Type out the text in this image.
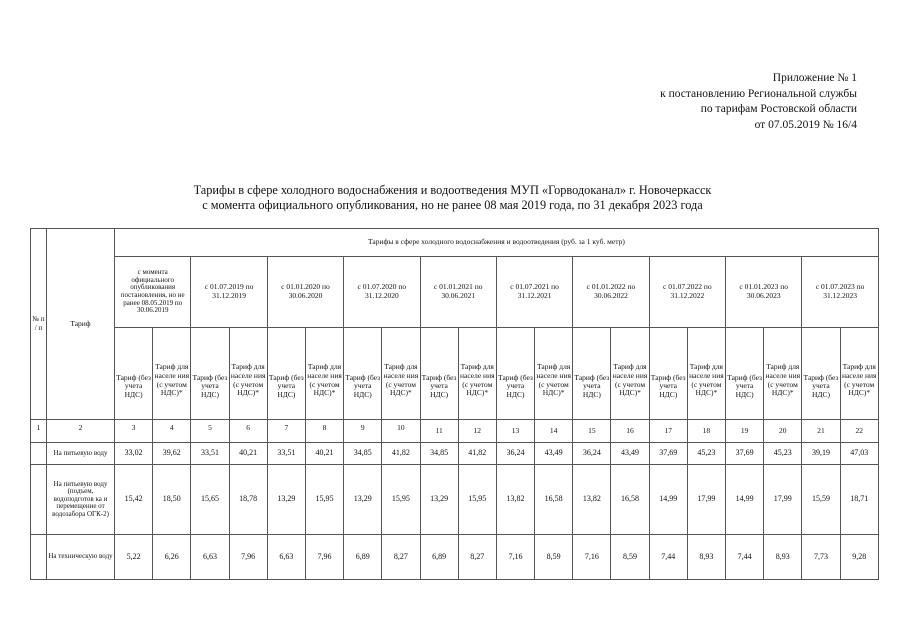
Приложение № 1
к постановлению Региональной службы
по тарифам Ростовской области
от 07.05.2019 № 16/4
Тарифы в сфере холодного водоснабжения и водоотведения МУП «Горводоканал» г. Новочеркасск
с момента официального опубликования, но не ранее 08 мая 2019 года, по 31 декабря 2023 года
№ п / п	Тариф	Тарифы в сфере холодного водоснабжения и водоотведения (руб. за 1 куб. метр)																			
		с момента официального опубликования постановления, но не ранее 08.05.2019 по 30.06.2019		с 01.07.2019 по 31.12.2019		с 01.01.2020 по 30.06.2020		с 01.07.2020 по 31.12.2020		с 01.01.2021 по 30.06.2021		с 01.07.2021 по 31.12.2021		с 01.01.2022 по 30.06.2022		с 01.07.2022 по 31.12.2022		с 01.01.2023 по 30.06.2023		с 01.07.2023 по 31.12.2023	
		Тариф (без учета НДС)	Тариф для населе ния (с учетом НДС)*	Тариф (без учета НДС)	Тариф для населе ния (с учетом НДС)*	Тариф (без учета НДС)	Тариф для населе ния (с учетом НДС)*	Тариф (без учета НДС)	Тариф для населе ния (с учетом НДС)*	Тариф (без учета НДС)	Тариф для населе ния (с учетом НДС)*	Тариф (без учета НДС)	Тариф для населе ния (с учетом НДС)*	Тариф (без учета НДС)	Тариф для населе ния (с учетом НДС)*	Тариф (без учета НДС)	Тариф для населе ния (с учетом НДС)*	Тариф (без учета НДС)	Тариф для населе ния (с учетом НДС)*	Тариф (без учета НДС)	Тариф для населе ния (с учетом НДС)*
1	2	3	4	5	6	7	8	9	10	11	12	13	14	15	16	17	18	19	20	21	22
	На питьевую воду	33,02	39,62	33,51	40,21	33,51	40,21	34,85	41,82	34,85	41,82	36,24	43,49	36,24	43,49	37,69	45,23	37,69	45,23	39,19	47,03
	На питьевую воду (подъем, водоподготов ка и перемещение от водозабора ОГК-2)	15,42	18,50	15,65	18,78	13,29	15,95	13,29	15,95	13,29	15,95	13,82	16,58	13,82	16,58	14,99	17,99	14,99	17,99	15,59	18,71
	На техническую воду	5,22	6,26	6,63	7,96	6,63	7,96	6,89	8,27	6,89	8,27	7,16	8,59	7,16	8,59	7,44	8,93	7,44	8,93	7,73	9,28
